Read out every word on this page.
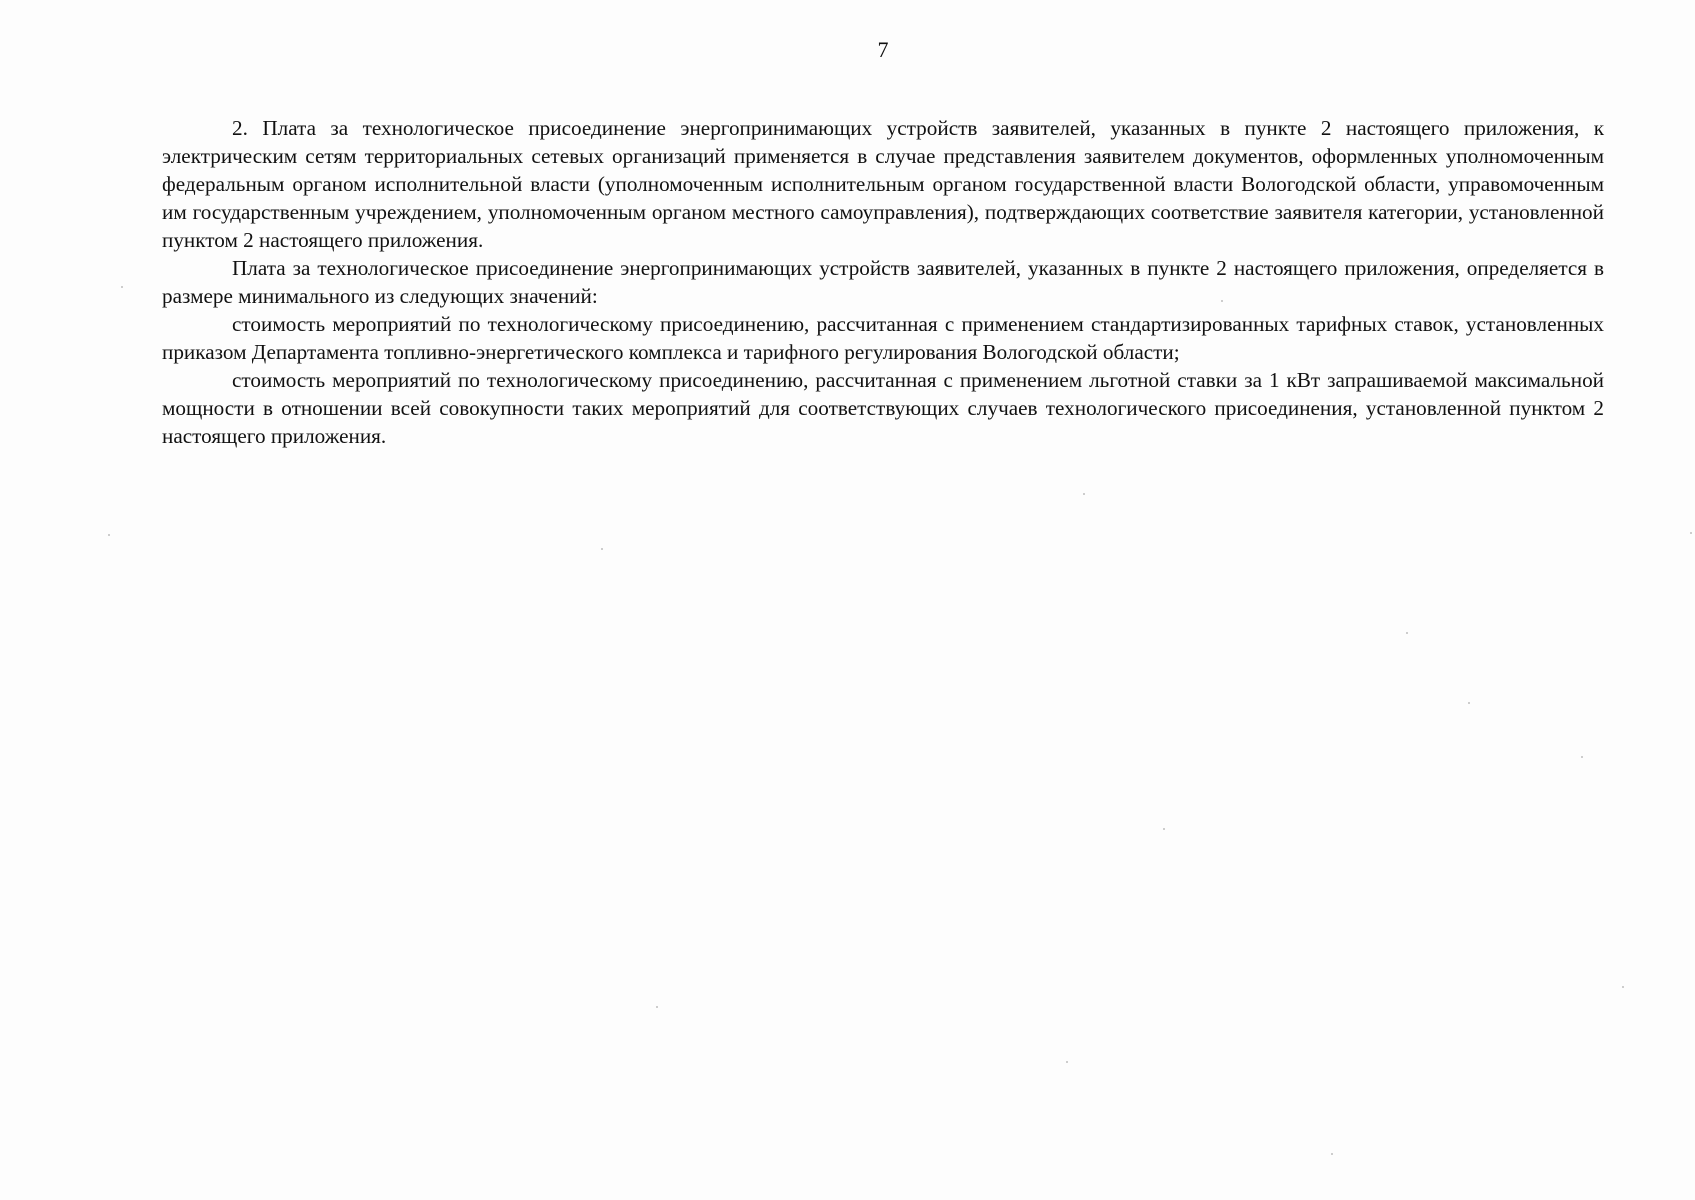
7

2. Плата за технологическое присоединение энергопринимающих устройств заявителей, указанных в пункте 2 настоящего приложения, к электрическим сетям территориальных сетевых организаций применяется в случае представления заявителем документов, оформленных уполномоченным федеральным органом исполнительной власти (уполномоченным исполнительным органом государственной власти Вологодской области, управомоченным им государственным учреждением, уполномоченным органом местного самоуправления), подтверждающих соответствие заявителя категории, установленной пунктом 2 настоящего приложения.

Плата за технологическое присоединение энергопринимающих устройств заявителей, указанных в пункте 2 настоящего приложения, определяется в размере минимального из следующих значений:

стоимость мероприятий по технологическому присоединению, рассчитанная с применением стандартизированных тарифных ставок, установленных приказом Департамента топливно-энергетического комплекса и тарифного регулирования Вологодской области;

стоимость мероприятий по технологическому присоединению, рассчитанная с применением льготной ставки за 1 кВт запрашиваемой максимальной мощности в отношении всей совокупности таких мероприятий для соответствующих случаев технологического присоединения, установленной пунктом 2 настоящего приложения.
